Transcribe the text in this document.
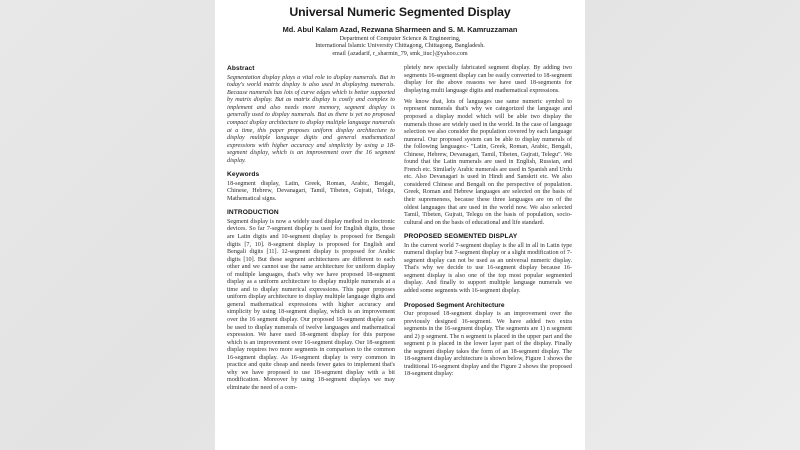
Universal Numeric Segmented Display
Md. Abul Kalam Azad, Rezwana Sharmeen and S. M. Kamruzzaman
Department of Computer Science & Engineering,
International Islamic University Chittagong, Chittagong, Bangladesh.
email {azadarif, r_sharmin_79, smk_iiuc}@yahoo.com
Abstract

Segmentation display plays a vital role to display numerals. But in today's world matrix display is also used in displaying numerals. Because numerals has lots of curve edges which is better supported by matrix display. But as matrix display is costly and complex to implement and also needs more memory, segment display is generally used to display numerals. But as there is yet no proposed compact display architecture to display multiple language numerals at a time, this paper proposes uniform display architecture to display multiple language digits and general mathematical expressions with higher accuracy and simplicity by using a 18-segment display, which is an improvement over the 16 segment display.

Keywords

18-segment display, Latin, Greek, Roman, Arabic, Bengali, Chinese, Hebrew, Devanagari, Tamil, Tibeten, Gujrati, Telegu, Mathematical signs.

INTRODUCTION

Segment display is now a widely used display method in electronic devices. So far 7-segment display is used for English digits, those are Latin digits and 10-segment display is proposed for Bengali digits [7, 10]. 8-segment display is proposed for English and Bengali digits [11]. 12-segment display is proposed for Arabic digits [10]. But these segment architectures are different to each other and we cannot use the same architecture for uniform display of multiple languages, that's why we have proposed 18-segment display as a uniform architecture to display multiple numerals at a time and to display numerical expressions. This paper proposes uniform display architecture to display multiple language digits and general mathematical expressions with higher accuracy and simplicity by using 18-segment display, which is an improvement over the 16 segment display. Our proposed 18-segment display can be used to display numerals of twelve languages and mathematical expression. We have used 18-segment display for this purpose which is an improvement over 16-segment display. Our 18-segment display requires two more segments in comparison to the common 16-segment display. As 16-segment display is very common in practice and quite cheap and needs fewer gates to implement that's why we have proposed to use 18-segment display with a bit modification. Moreover by using 18-segment displays we may eliminate the need of a com-

pletely new specially fabricated segment display. By adding two segments 16-segment display can be easily converted to 18-segment display for the above reasons we have used 18-segments for displaying multi language digits and mathematical expressions.

We know that, lots of languages use same numeric symbol to represent numerals that's why we categorized the language and proposed a display model which will be able two display the numerals those are widely used in the world. In the case of language selection we also consider the population covered by each language numeral. Our proposed system can be able to display numerals of the following languages:- "Latin, Greek, Roman, Arabic, Bengali, Chinese, Hebrew, Devanagari, Tamil, Tibeten, Gujrati, Telegu". We found that the Latin numerals are used in English, Russian, and French etc. Similarly Arabic numerals are used in Spanish and Urdu etc. Also Devanagari is used in Hindi and Sanskrit etc. We also considered Chinese and Bengali on the perspective of population. Greek, Roman and Hebrew languages are selected on the basis of their supremeness, because these three languages are on of the oldest languages that are used in the world now. We also selected Tamil, Tibeten, Gujrati, Telegu on the basis of population, socio-cultural and on the basis of educational and life standard.

PROPOSED SEGMENTED DISPLAY

In the current world 7-segment display is the all in all in Latin type numeral display but 7-segment display or a slight modification of 7-segment display can not be used as an universal numeric display. That's why we decide to use 16-segment display because 16-segment display is also one of the top most popular segmented display. And finally to support multiple language numerals we added some segments with 16-segment display.

Proposed Segment Architecture

Our proposed 18-segment display is an improvement over the previously designed 16-segment. We have added two extra segments in the 16-segment display. The segments are 1) n segment and 2) p segment. The n segment is placed in the upper part and the segment p is placed in the lower layer part of the display. Finally the segment display takes the form of an 18-segment display. The 18-segment display architecture is shown below, Figure 1 shows the traditional 16-segment display and the Figure 2 shows the proposed 18-segment display:
